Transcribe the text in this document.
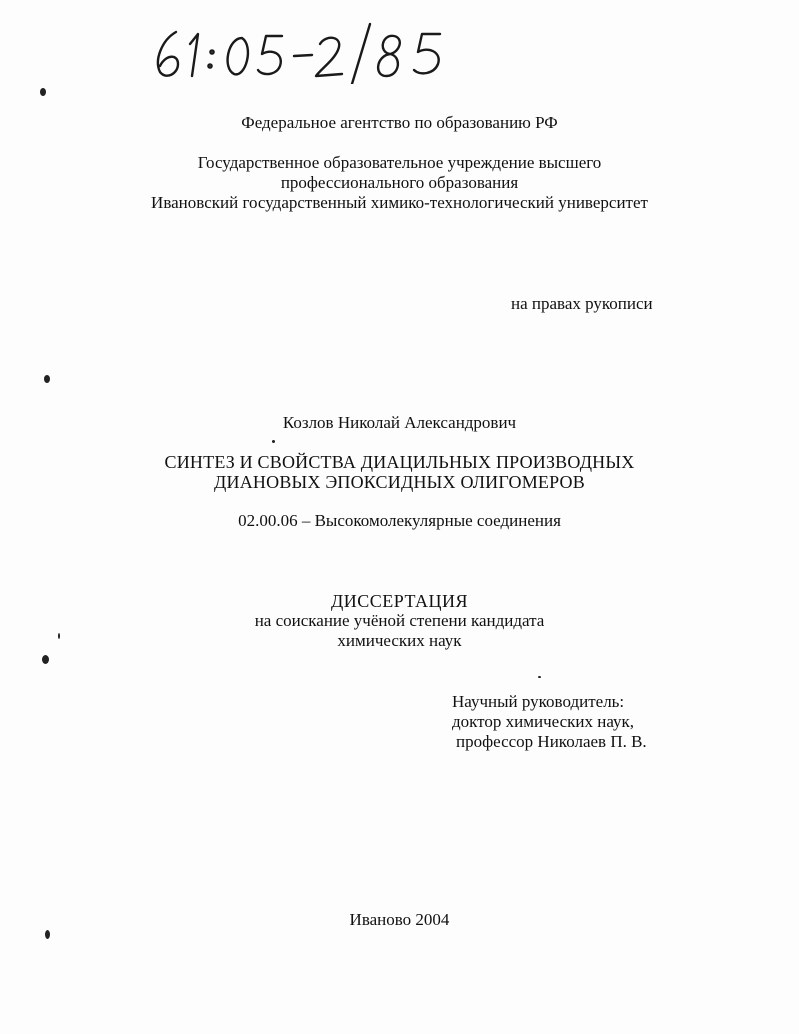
Федеральное агентство по образованию РФ
Государственное образовательное учреждение высшего
профессионального образования
Ивановский государственный химико-технологический университет
на правах рукописи
Козлов Николай Александрович
СИНТЕЗ И СВОЙСТВА ДИАЦИЛЬНЫХ ПРОИЗВОДНЫХ
ДИАНОВЫХ ЭПОКСИДНЫХ ОЛИГОМЕРОВ
02.00.06 – Высокомолекулярные соединения
ДИССЕРТАЦИЯ
на соискание учёной степени кандидата
химических наук
Научный руководитель:
доктор химических наук,
профессор Николаев П. В.
Иваново 2004
